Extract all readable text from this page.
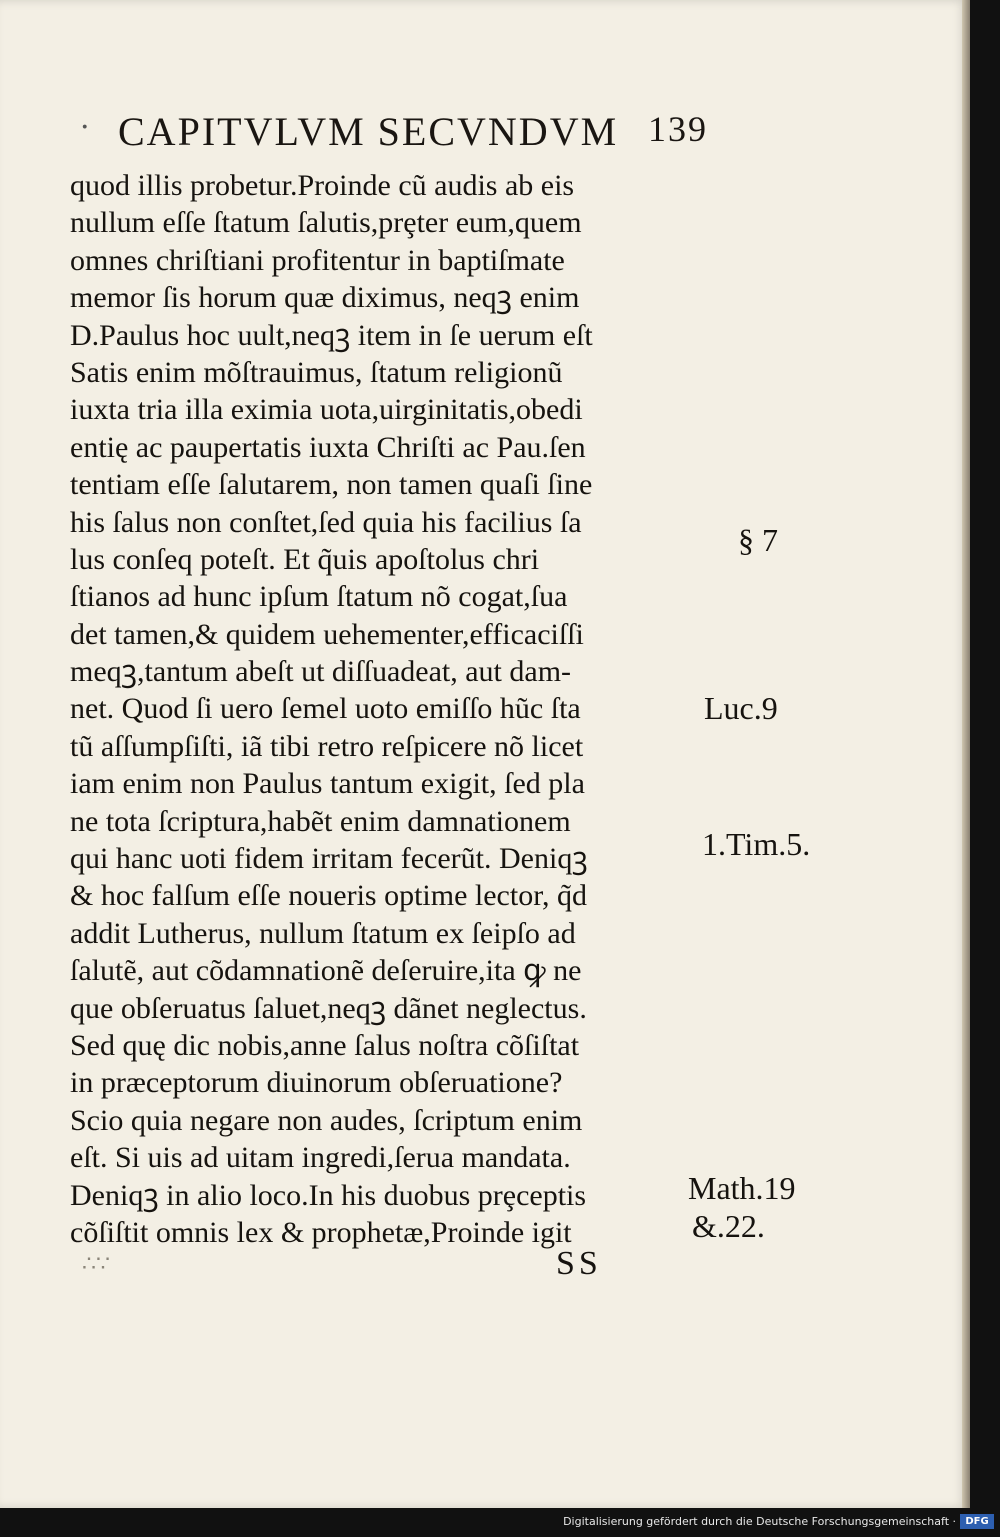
· CAPITVLVM SECVNDVM 139
quod illis probetur.Proinde cũ audis ab eis
nullum eſſe ſtatum ſalutis,prȩter eum,quem
omnes chriſtiani profitentur in baptiſmate
memor ſis horum quæ diximus, neqꝫ enim
D.Paulus hoc uult,neqꝫ item in ſe uerum eſt
Satis enim mõſtrauimus, ſtatum religionũ
iuxta tria illa eximia uota,uirginitatis,obedi
entię ac paupertatis iuxta Chriſti ac Pau.ſen
tentiam eſſe ſalutarem, non tamen quaſi ſine
his ſalus non conſtet,ſed quia his facilius ſa
lus conſeq poteſt. Et q̃uis apoſtolus chri
ſtianos ad hunc ipſum ſtatum nõ cogat,ſua
det tamen,& quidem uehementer,efficaciſſi
meqꝫ,tantum abeſt ut diſſuadeat, aut dam-
net. Quod ſi uero ſemel uoto emiſſo hũc ſta
tũ aſſumpſiſti, iã tibi retro reſpicere nõ licet
iam enim non Paulus tantum exigit, ſed pla
ne tota ſcriptura,habẽt enim damnationem
qui hanc uoti fidem irritam fecerũt. Deniqꝫ
& hoc falſum eſſe noueris optime lector, q̃d
addit Lutherus, nullum ſtatum ex ſeipſo ad
ſalutẽ, aut cõdamnationẽ deſeruire,ita ꝙ ne
que obſeruatus ſaluet,neqꝫ dãnet neglectus.
Sed quę dic nobis,anne ſalus noſtra cõſiſtat
in præceptorum diuinorum obſeruatione?
Scio quia negare non audes, ſcriptum enim
eſt. Si uis ad uitam ingredi,ſerua mandata.
Deniqꝫ in alio loco.In his duobus prȩceptis
cõſiſtit omnis lex & prophetæ,Proinde igit
§ 7
Luc.9
1.Tim.5.
Math.19
&.22.
∴∵	SS
Digitalisierung gefördert durch die Deutsche Forschungsgemeinschaft · DFG
